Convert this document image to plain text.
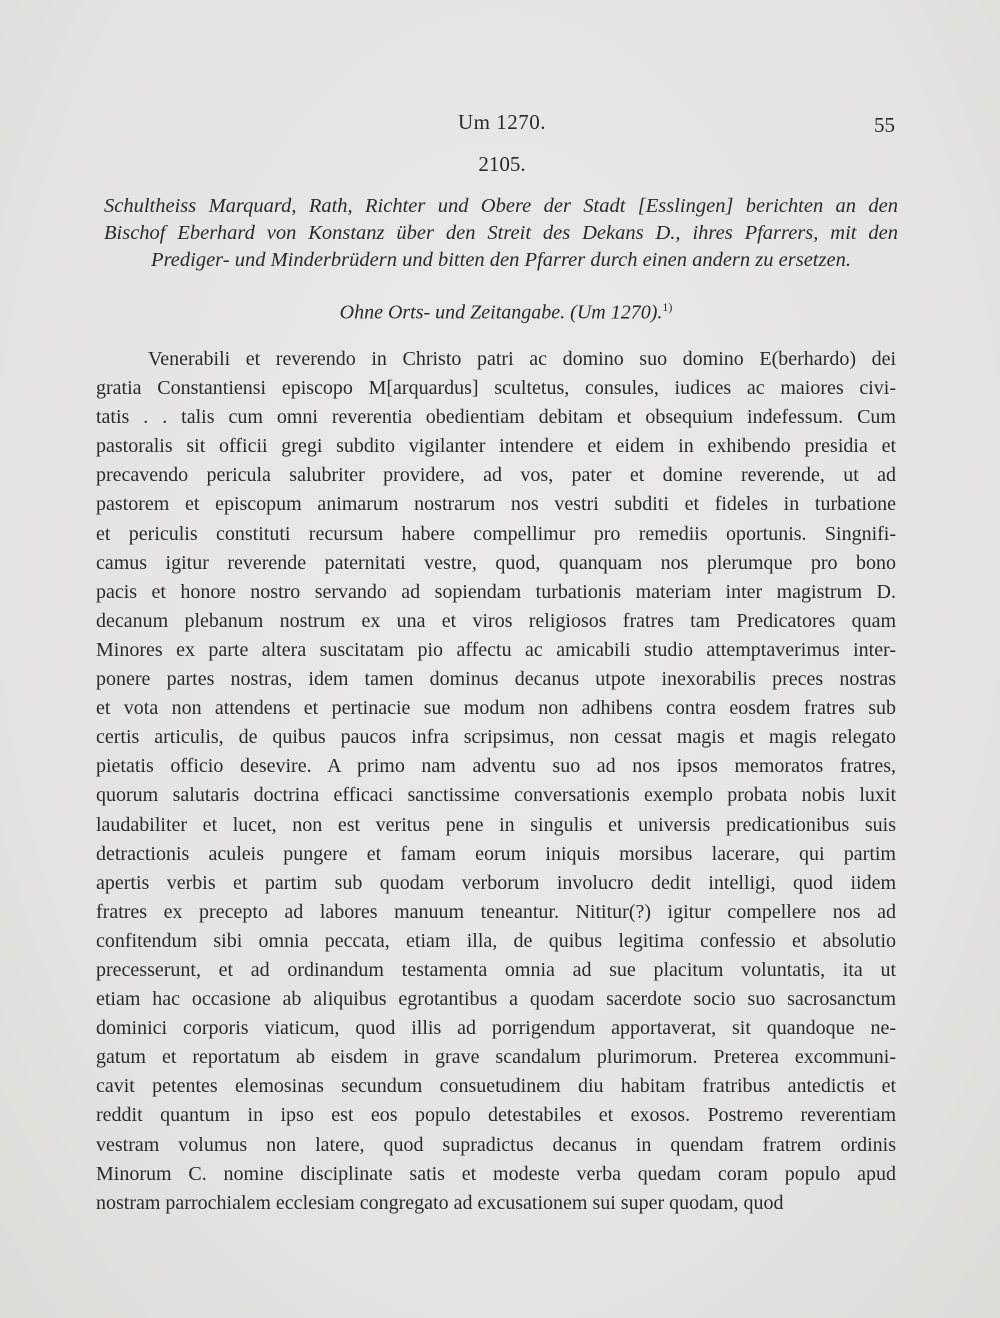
Um 1270.	55
2105.
Schultheiss Marquard, Rath, Richter und Obere der Stadt [Esslingen] berichten an den
Bischof Eberhard von Konstanz über den Streit des Dekans D., ihres Pfarrers, mit den
Prediger- und Minderbrüdern und bitten den Pfarrer durch einen andern zu ersetzen.
Ohne Orts- und Zeitangabe. (Um 1270).$^{1)}$
Venerabili et reverendo in Christo patri ac domino suo domino E(berhardo) dei
gratia Constantiensi episcopo M[arquardus] scultetus, consules, iudices ac maiores civi-
tatis . . talis cum omni reverentia obedientiam debitam et obsequium indefessum. Cum
pastoralis sit officii gregi subdito vigilanter intendere et eidem in exhibendo presidia et
precavendo pericula salubriter providere, ad vos, pater et domine reverende, ut ad
pastorem et episcopum animarum nostrarum nos vestri subditi et fideles in turbatione
et periculis constituti recursum habere compellimur pro remediis oportunis. Singnifi-
camus igitur reverende paternitati vestre, quod, quanquam nos plerumque pro bono
pacis et honore nostro servando ad sopiendam turbationis materiam inter magistrum D.
decanum plebanum nostrum ex una et viros religiosos fratres tam Predicatores quam
Minores ex parte altera suscitatam pio affectu ac amicabili studio attemptaverimus inter-
ponere partes nostras, idem tamen dominus decanus utpote inexorabilis preces nostras
et vota non attendens et pertinacie sue modum non adhibens contra eosdem fratres sub
certis articulis, de quibus paucos infra scripsimus, non cessat magis et magis relegato
pietatis officio desevire. A primo nam adventu suo ad nos ipsos memoratos fratres,
quorum salutaris doctrina efficaci sanctissime conversationis exemplo probata nobis luxit
laudabiliter et lucet, non est veritus pene in singulis et universis predicationibus suis
detractionis aculeis pungere et famam eorum iniquis morsibus lacerare, qui partim
apertis verbis et partim sub quodam verborum involucro dedit intelligi, quod iidem
fratres ex precepto ad labores manuum teneantur. Nititur(?) igitur compellere nos ad
confitendum sibi omnia peccata, etiam illa, de quibus legitima confessio et absolutio
precesserunt, et ad ordinandum testamenta omnia ad sue placitum voluntatis, ita ut
etiam hac occasione ab aliquibus egrotantibus a quodam sacerdote socio suo sacrosanctum
dominici corporis viaticum, quod illis ad porrigendum apportaverat, sit quandoque ne-
gatum et reportatum ab eisdem in grave scandalum plurimorum. Preterea excommuni-
cavit petentes elemosinas secundum consuetudinem diu habitam fratribus antedictis et
reddit quantum in ipso est eos populo detestabiles et exosos. Postremo reverentiam
vestram volumus non latere, quod supradictus decanus in quendam fratrem ordinis
Minorum C. nomine disciplinate satis et modeste verba quedam coram populo apud
nostram parrochialem ecclesiam congregato ad excusationem sui super quodam, quod
